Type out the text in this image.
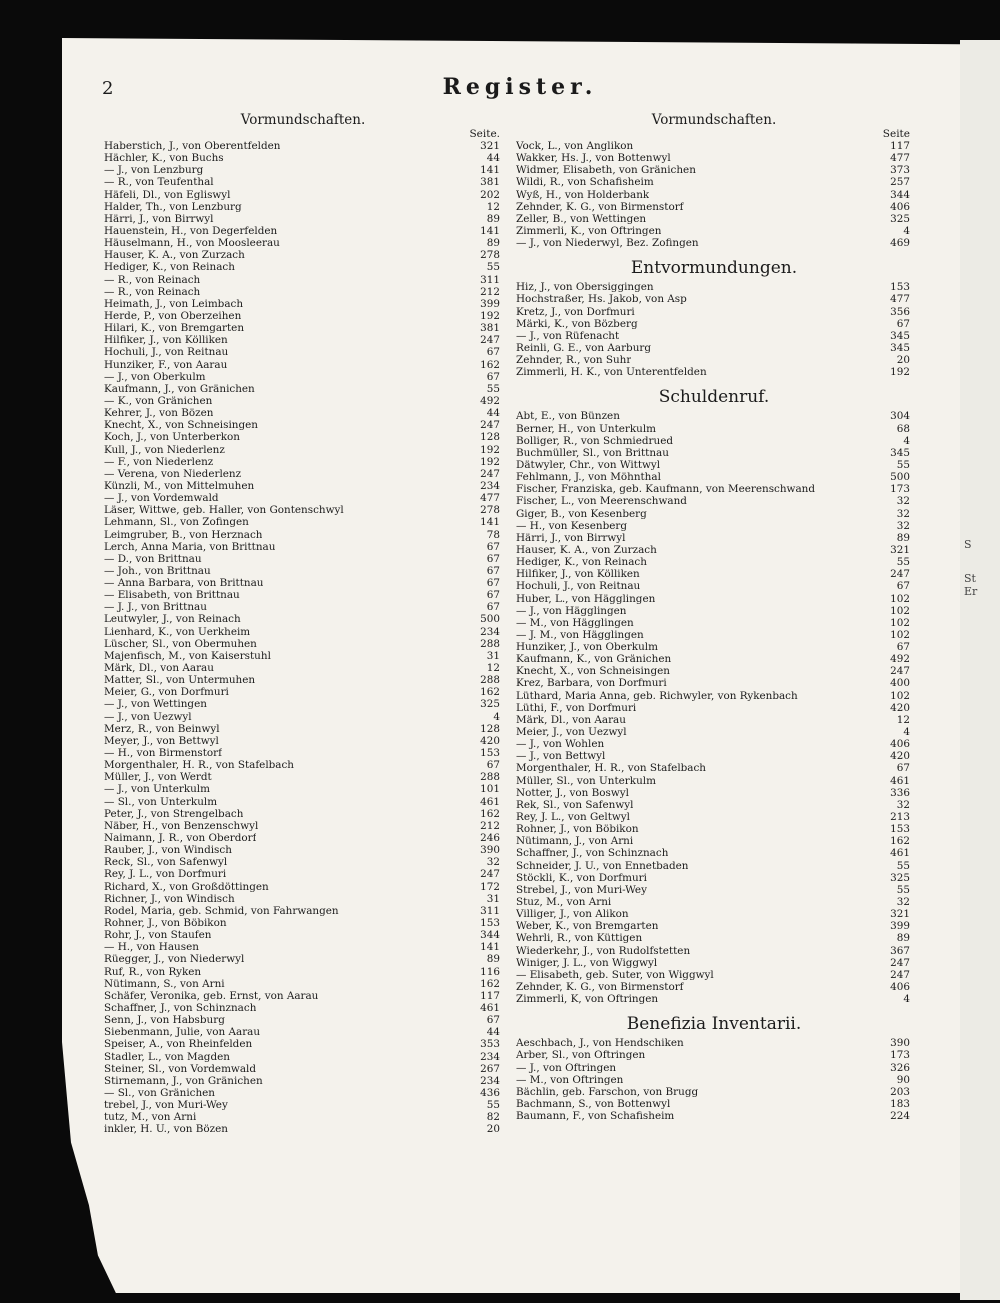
S
St
Er
2	Register.
Vormundschaften.
Seite.
Haberstich, J., von Oberentfelden	321
Hächler, K., von Buchs	44
— J., von Lenzburg	141
— R., von Teufenthal	381
Häfeli, Dl., von Egliswyl	202
Halder, Th., von Lenzburg	12
Härri, J., von Birrwyl	89
Hauenstein, H., von Degerfelden	141
Häuselmann, H., von Moosleerau	89
Hauser, K. A., von Zurzach	278
Hediger, K., von Reinach	55
— R., von Reinach	311
— R., von Reinach	212
Heimath, J., von Leimbach	399
Herde, P., von Oberzeihen	192
Hilari, K., von Bremgarten	381
Hilfiker, J., von Kölliken	247
Hochuli, J., von Reitnau	67
Hunziker, F., von Aarau	162
— J., von Oberkulm	67
Kaufmann, J., von Gränichen	55
— K., von Gränichen	492
Kehrer, J., von Bözen	44
Knecht, X., von Schneisingen	247
Koch, J., von Unterberkon	128
Kull, J., von Niederlenz	192
— F., von Niederlenz	192
— Verena, von Niederlenz	247
Künzli, M., von Mittelmuhen	234
— J., von Vordemwald	477
Läser, Wittwe, geb. Haller, von Gontenschwyl	278
Lehmann, Sl., von Zofingen	141
Leimgruber, B., von Herznach	78
Lerch, Anna Maria, von Brittnau	67
— D., von Brittnau	67
— Joh., von Brittnau	67
— Anna Barbara, von Brittnau	67
— Elisabeth, von Brittnau	67
— J. J., von Brittnau	67
Leutwyler, J., von Reinach	500
Lienhard, K., von Uerkheim	234
Lüscher, Sl., von Obermuhen	288
Majenfisch, M., von Kaiserstuhl	31
Märk, Dl., von Aarau	12
Matter, Sl., von Untermuhen	288
Meier, G., von Dorfmuri	162
— J., von Wettingen	325
— J., von Uezwyl	4
Merz, R., von Beinwyl	128
Meyer, J., von Bettwyl	420
— H., von Birmenstorf	153
Morgenthaler, H. R., von Stafelbach	67
Müller, J., von Werdt	288
— J., von Unterkulm	101
— Sl., von Unterkulm	461
Peter, J., von Strengelbach	162
Näber, H., von Benzenschwyl	212
Naimann, J. R., von Oberdorf	246
Rauber, J., von Windisch	390
Reck, Sl., von Safenwyl	32
Rey, J. L., von Dorfmuri	247
Richard, X., von Großdöttingen	172
Richner, J., von Windisch	31
Rodel, Maria, geb. Schmid, von Fahrwangen	311
Rohner, J., von Böbikon	153
Rohr, J., von Staufen	344
— H., von Hausen	141
Rüegger, J., von Niederwyl	89
Ruf, R., von Ryken	116
Nütimann, S., von Arni	162
Schäfer, Veronika, geb. Ernst, von Aarau	117
Schaffner, J., von Schinznach	461
Senn, J., von Habsburg	67
Siebenmann, Julie, von Aarau	44
Speiser, A., von Rheinfelden	353
Stadler, L., von Magden	234
Steiner, Sl., von Vordemwald	267
Stirnemann, J., von Gränichen	234
— Sl., von Gränichen	436
trebel, J., von Muri-Wey	55
tutz, M., von Arni	82
inkler, H. U., von Bözen	20
Vormundschaften.
Seite
Vock, L., von Anglikon	117
Wakker, Hs. J., von Bottenwyl	477
Widmer, Elisabeth, von Gränichen	373
Wildi, R., von Schafisheim	257
Wyß, H., von Holderbank	344
Zehnder, K. G., von Birmenstorf	406
Zeller, B., von Wettingen	325
Zimmerli, K., von Oftringen	4
— J., von Niederwyl, Bez. Zofingen	469
Entvormundungen.
Hiz, J., von Obersiggingen	153
Hochstraßer, Hs. Jakob, von Asp	477
Kretz, J., von Dorfmuri	356
Märki, K., von Bözberg	67
— J., von Rüfenacht	345
Reinli, G. E., von Aarburg	345
Zehnder, R., von Suhr	20
Zimmerli, H. K., von Unterentfelden	192
Schuldenruf.
Abt, E., von Bünzen	304
Berner, H., von Unterkulm	68
Bolliger, R., von Schmiedrued	4
Buchmüller, Sl., von Brittnau	345
Dätwyler, Chr., von Wittwyl	55
Fehlmann, J., von Möhnthal	500
Fischer, Franziska, geb. Kaufmann, von Meerenschwand	173
Fischer, L., von Meerenschwand	32
Giger, B., von Kesenberg	32
— H., von Kesenberg	32
Härri, J., von Birrwyl	89
Hauser, K. A., von Zurzach	321
Hediger, K., von Reinach	55
Hilfiker, J., von Kölliken	247
Hochuli, J., von Reitnau	67
Huber, L., von Hägglingen	102
— J., von Hägglingen	102
— M., von Hägglingen	102
— J. M., von Hägglingen	102
Hunziker, J., von Oberkulm	67
Kaufmann, K., von Gränichen	492
Knecht, X., von Schneisingen	247
Krez, Barbara, von Dorfmuri	400
Lüthard, Maria Anna, geb. Richwyler, von Rykenbach	102
Lüthi, F., von Dorfmuri	420
Märk, Dl., von Aarau	12
Meier, J., von Uezwyl	4
— J., von Wohlen	406
— J., von Bettwyl	420
Morgenthaler, H. R., von Stafelbach	67
Müller, Sl., von Unterkulm	461
Notter, J., von Boswyl	336
Rek, Sl., von Safenwyl	32
Rey, J. L., von Geltwyl	213
Rohner, J., von Böbikon	153
Nütimann, J., von Arni	162
Schaffner, J., von Schinznach	461
Schneider, J. U., von Ennetbaden	55
Stöckli, K., von Dorfmuri	325
Strebel, J., von Muri-Wey	55
Stuz, M., von Arni	32
Villiger, J., von Alikon	321
Weber, K., von Bremgarten	399
Wehrli, R., von Küttigen	89
Wiederkehr, J., von Rudolfstetten	367
Winiger, J. L., von Wiggwyl	247
— Elisabeth, geb. Suter, von Wiggwyl	247
Zehnder, K. G., von Birmenstorf	406
Zimmerli, K, von Oftringen	4
Benefizia Inventarii.
Aeschbach, J., von Hendschiken	390
Arber, Sl., von Oftringen	173
— J., von Oftringen	326
— M., von Oftringen	90
Bächlin, geb. Farschon, von Brugg	203
Bachmann, S., von Bottenwyl	183
Baumann, F., von Schafisheim	224
